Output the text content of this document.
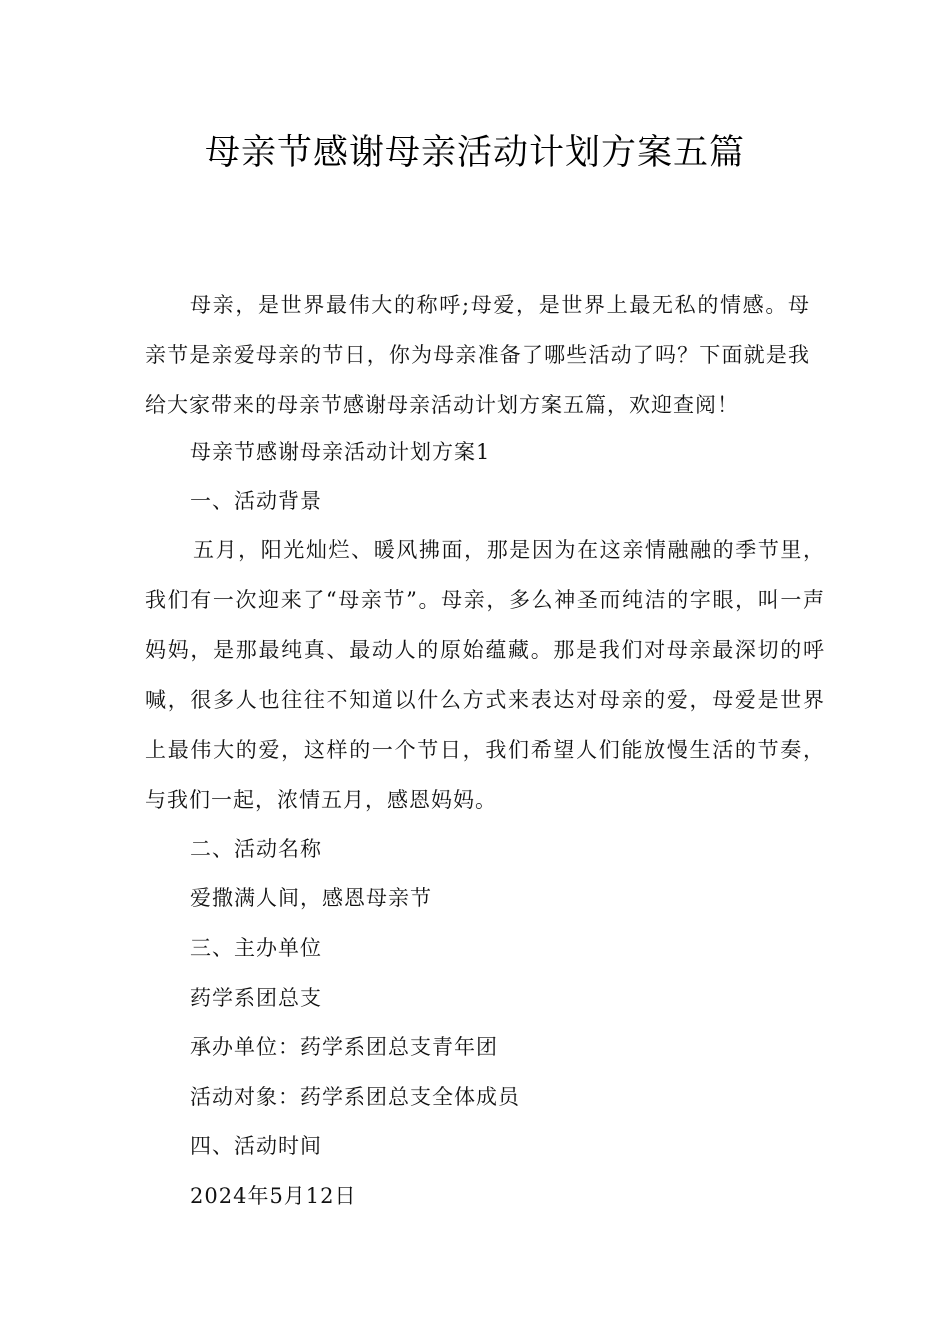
母亲节感谢母亲活动计划方案五篇
母亲，是世界最伟大的称呼;母爱，是世界上最无私的情感。母亲节是亲爱母亲的节日，你为母亲准备了哪些活动了吗？下面就是我给大家带来的母亲节感谢母亲活动计划方案五篇，欢迎查阅！
母亲节感谢母亲活动计划方案1
一、活动背景
五月，阳光灿烂、暖风拂面，那是因为在这亲情融融的季节里，我们有一次迎来了“母亲节”。母亲，多么神圣而纯洁的字眼，叫一声妈妈，是那最纯真、最动人的原始蕴藏。那是我们对母亲最深切的呼喊，很多人也往往不知道以什么方式来表达对母亲的爱，母爱是世界上最伟大的爱，这样的一个节日，我们希望人们能放慢生活的节奏，与我们一起，浓情五月，感恩妈妈。
二、活动名称
爱撒满人间，感恩母亲节
三、主办单位
药学系团总支
承办单位：药学系团总支青年团
活动对象：药学系团总支全体成员
四、活动时间
2024年5月12日
